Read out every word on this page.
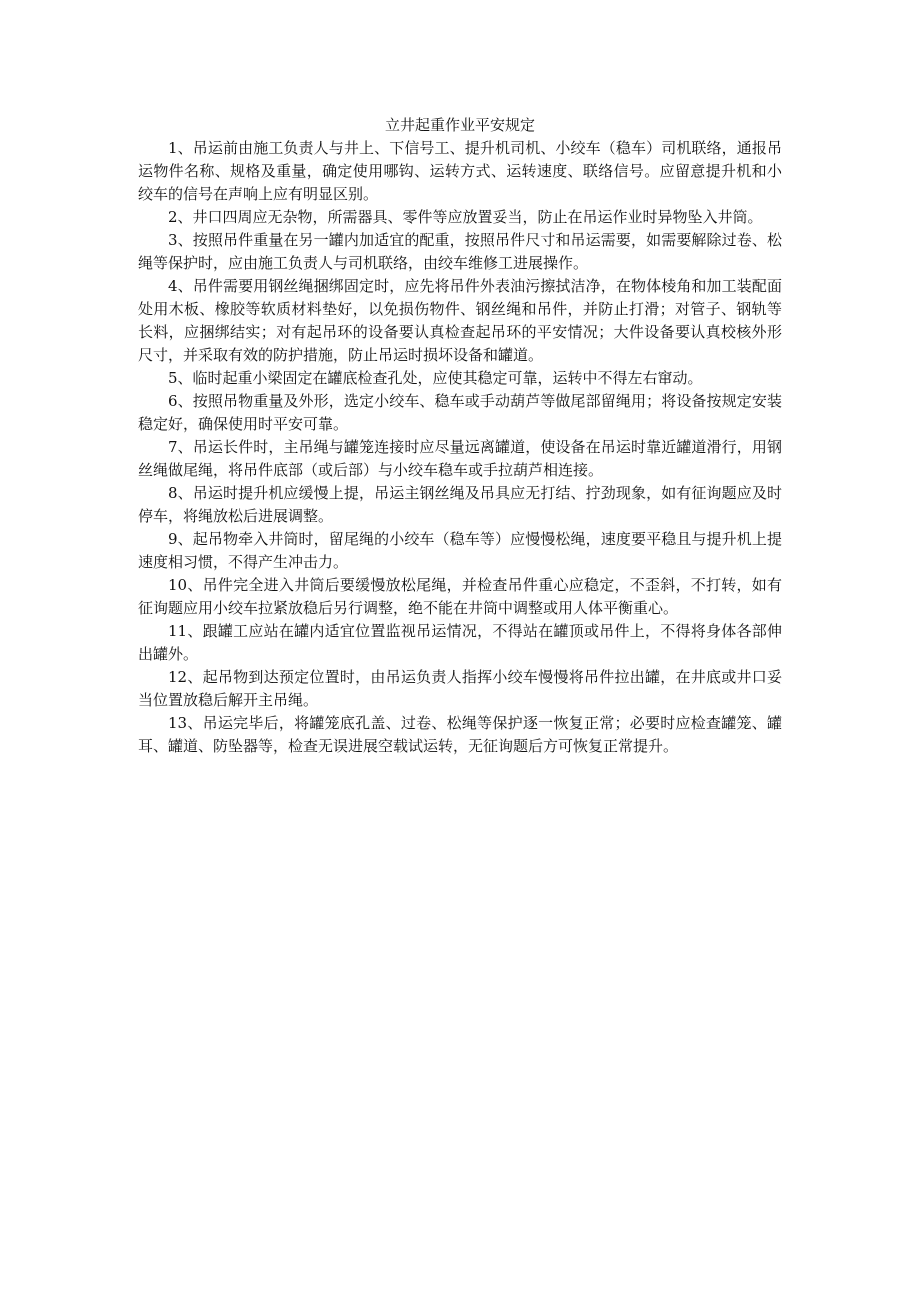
立井起重作业平安规定

1、吊运前由施工负责人与井上、下信号工、提升机司机、小绞车（稳车）司机联络，通报吊运物件名称、规格及重量，确定使用哪钩、运转方式、运转速度、联络信号。应留意提升机和小绞车的信号在声响上应有明显区别。

2、井口四周应无杂物，所需器具、零件等应放置妥当，防止在吊运作业时异物坠入井筒。

3、按照吊件重量在另一罐内加适宜的配重，按照吊件尺寸和吊运需要，如需要解除过卷、松绳等保护时，应由施工负责人与司机联络，由绞车维修工进展操作。

4、吊件需要用钢丝绳捆绑固定时，应先将吊件外表油污擦拭洁净，在物体棱角和加工装配面处用木板、橡胶等软质材料垫好，以免损伤物件、钢丝绳和吊件，并防止打滑；对管子、钢轨等长料，应捆绑结实；对有起吊环的设备要认真检查起吊环的平安情况；大件设备要认真校核外形尺寸，并采取有效的防护措施，防止吊运时损坏设备和罐道。

5、临时起重小梁固定在罐底检查孔处，应使其稳定可靠，运转中不得左右窜动。

6、按照吊物重量及外形，选定小绞车、稳车或手动葫芦等做尾部留绳用；将设备按规定安装稳定好，确保使用时平安可靠。

7、吊运长件时，主吊绳与罐笼连接时应尽量远离罐道，使设备在吊运时靠近罐道滑行，用钢丝绳做尾绳，将吊件底部（或后部）与小绞车稳车或手拉葫芦相连接。

8、吊运时提升机应缓慢上提，吊运主钢丝绳及吊具应无打结、拧劲现象，如有征询题应及时停车，将绳放松后进展调整。

9、起吊物牵入井筒时，留尾绳的小绞车（稳车等）应慢慢松绳，速度要平稳且与提升机上提速度相习惯，不得产生冲击力。

10、吊件完全进入井筒后要缓慢放松尾绳，并检查吊件重心应稳定，不歪斜，不打转，如有征询题应用小绞车拉紧放稳后另行调整，绝不能在井筒中调整或用人体平衡重心。

11、跟罐工应站在罐内适宜位置监视吊运情况，不得站在罐顶或吊件上，不得将身体各部伸出罐外。

12、起吊物到达预定位置时，由吊运负责人指挥小绞车慢慢将吊件拉出罐，在井底或井口妥当位置放稳后解开主吊绳。

13、吊运完毕后，将罐笼底孔盖、过卷、松绳等保护逐一恢复正常；必要时应检查罐笼、罐耳、罐道、防坠器等，检查无误进展空载试运转，无征询题后方可恢复正常提升。
